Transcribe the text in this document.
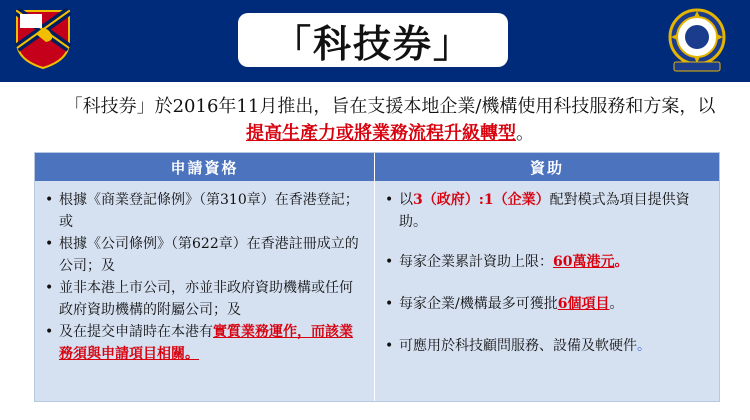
「科技券」
「科技券」於2016年11月推出，旨在支援本地企業/機構使用科技服務和方案，以提高生產力或將業務流程升級轉型。
申請資格	資助
• 根據《商業登記條例》（第310章）在香港登記；或
• 根據《公司條例》（第622章）在香港註冊成立的公司；及
• 並非本港上市公司，亦並非政府資助機構或任何政府資助機構的附屬公司；及
• 及在提交申請時在本港有實質業務運作，而該業務須與申請項目相關。
• 以3（政府）:1（企業）配對模式為項目提供資助。
• 每家企業累計資助上限：60萬港元。
• 每家企業/機構最多可獲批6個項目。
• 可應用於科技顧問服務、設備及軟硬件。
